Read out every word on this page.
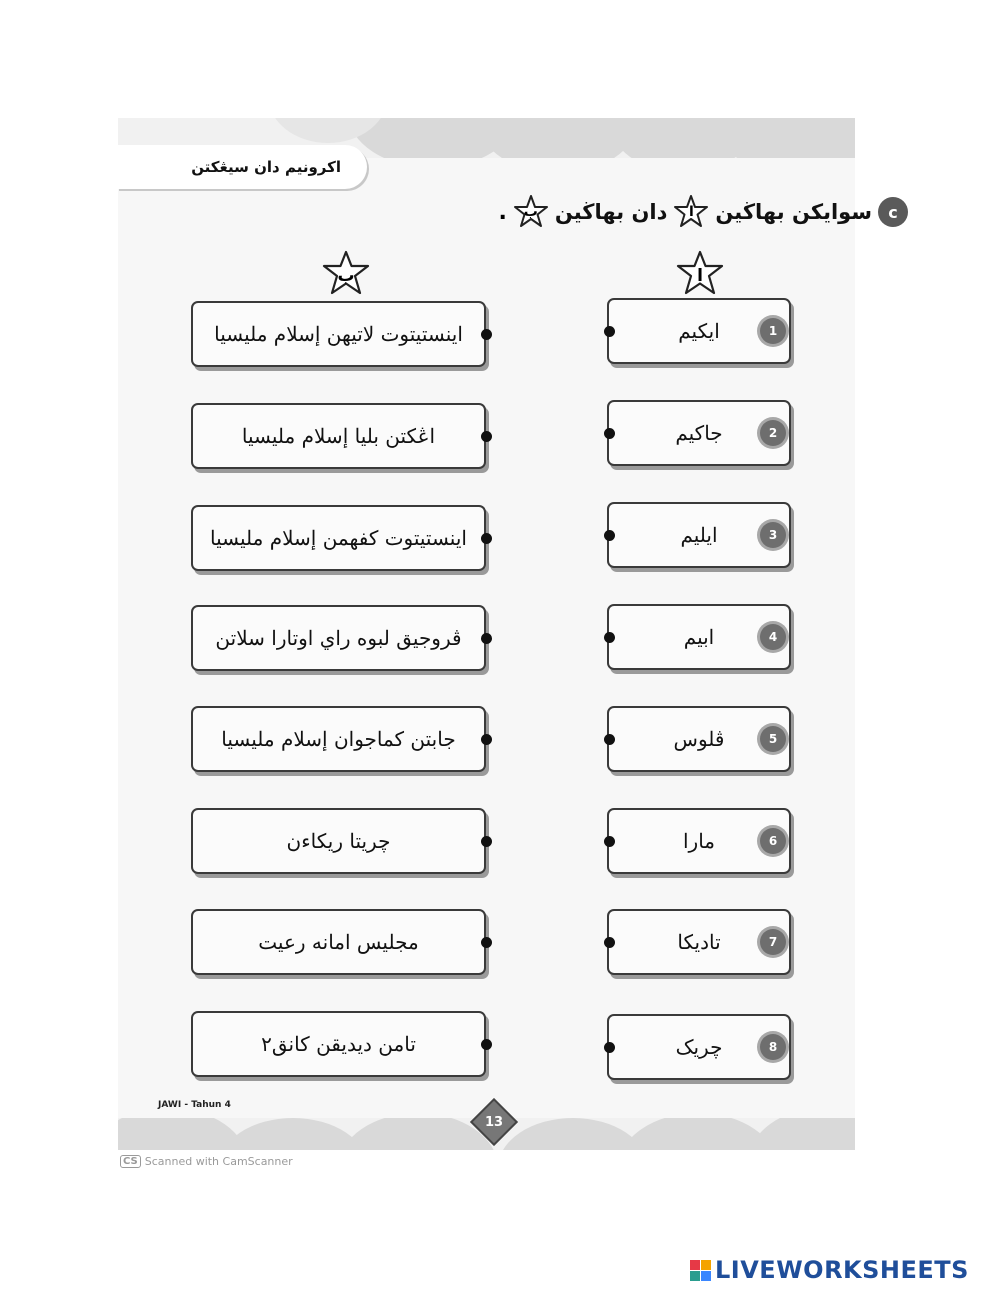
اکرونيم دان سيڠکتن
c
سوايکن بهاڬين
ا
دان بهاڬين
ب
.
ا
ب
اينستيتوت لاتيهن إسلام مليسيا
اڠکتن بليا إسلام مليسيا
اينستيتوت کفهمن إسلام مليسيا
ڤروجيق لبوه راي اوتارا سلاتن
جابتن کماجوان إسلام مليسيا
چريتا ريکاءن
مجليس امانه رعيت
تامن ديديقن کانق٢
ايکيم
جاکيم
ايليم
ابيم
ڤلوس
مارا
تاديکا
چريک
1
2
3
4
5
6
7
8
JAWI - Tahun 4
13
CS Scanned with CamScanner
LIVEWORKSHEETS
